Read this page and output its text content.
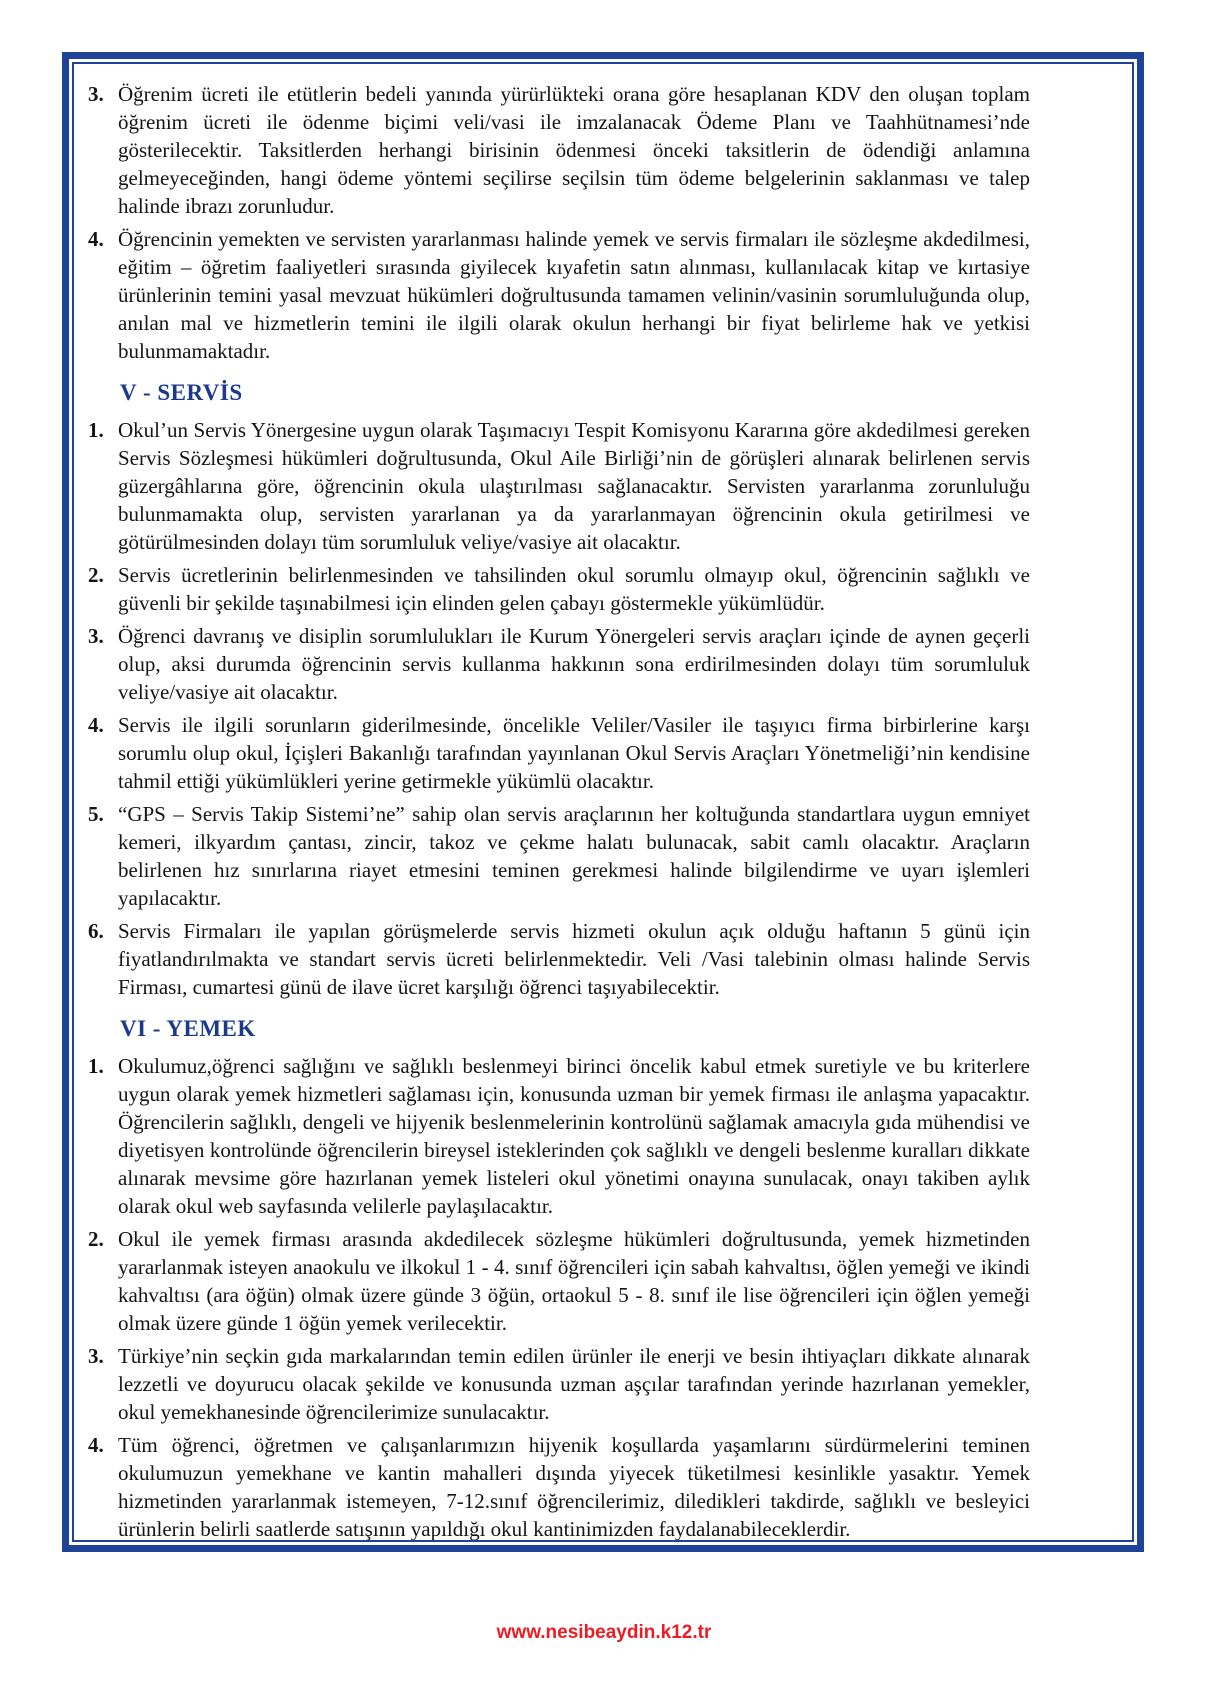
3. Öğrenim ücreti ile etütlerin bedeli yanında yürürlükteki orana göre hesaplanan KDV den oluşan toplam öğrenim ücreti ile ödenme biçimi veli/vasi ile imzalanacak Ödeme Planı ve Taahhütnamesi’nde gösterilecektir. Taksitlerden herhangi birisinin ödenmesi önceki taksitlerin de ödendiği anlamına gelmeyeceğinden, hangi ödeme yöntemi seçilirse seçilsin tüm ödeme belgelerinin saklanması ve talep halinde ibrazı zorunludur.

4. Öğrencinin yemekten ve servisten yararlanması halinde yemek ve servis firmaları ile sözleşme akdedilmesi, eğitim – öğretim faaliyetleri sırasında giyilecek kıyafetin satın alınması, kullanılacak kitap ve kırtasiye ürünlerinin temini yasal mevzuat hükümleri doğrultusunda tamamen velinin/vasinin sorumluluğunda olup, anılan mal ve hizmetlerin temini ile ilgili olarak okulun herhangi bir fiyat belirleme hak ve yetkisi bulunmamaktadır.

V - SERVİS
1. Okul’un Servis Yönergesine uygun olarak Taşımacıyı Tespit Komisyonu Kararına göre akdedilmesi gereken Servis Sözleşmesi hükümleri doğrultusunda, Okul Aile Birliği’nin de görüşleri alınarak belirlenen servis güzergâhlarına göre, öğrencinin okula ulaştırılması sağlanacaktır. Servisten yararlanma zorunluluğu bulunmamakta olup, servisten yararlanan ya da yararlanmayan öğrencinin okula getirilmesi ve götürülmesinden dolayı tüm sorumluluk veliye/vasiye ait olacaktır.

2. Servis ücretlerinin belirlenmesinden ve tahsilinden okul sorumlu olmayıp okul, öğrencinin sağlıklı ve güvenli bir şekilde taşınabilmesi için elinden gelen çabayı göstermekle yükümlüdür.

3. Öğrenci davranış ve disiplin sorumlulukları ile Kurum Yönergeleri servis araçları içinde de aynen geçerli olup, aksi durumda öğrencinin servis kullanma hakkının sona erdirilmesinden dolayı tüm sorumluluk veliye/vasiye ait olacaktır.

4. Servis ile ilgili sorunların giderilmesinde, öncelikle Veliler/Vasiler ile taşıyıcı firma birbirlerine karşı sorumlu olup okul, İçişleri Bakanlığı tarafından yayınlanan Okul Servis Araçları Yönetmeliği’nin kendisine tahmil ettiği yükümlükleri yerine getirmekle yükümlü olacaktır.

5. “GPS – Servis Takip Sistemi’ne” sahip olan servis araçlarının her koltuğunda standartlara uygun emniyet kemeri, ilkyardım çantası, zincir, takoz ve çekme halatı bulunacak, sabit camlı olacaktır. Araçların belirlenen hız sınırlarına riayet etmesini teminen gerekmesi halinde bilgilendirme ve uyarı işlemleri yapılacaktır.

6. Servis Firmaları ile yapılan görüşmelerde servis hizmeti okulun açık olduğu haftanın 5 günü için fiyatlandırılmakta ve standart servis ücreti belirlenmektedir. Veli /Vasi talebinin olması halinde Servis Firması, cumartesi günü de ilave ücret karşılığı öğrenci taşıyabilecektir.

VI - YEMEK
1. Okulumuz,öğrenci sağlığını ve sağlıklı beslenmeyi birinci öncelik kabul etmek suretiyle ve bu kriterlere uygun olarak yemek hizmetleri sağlaması için, konusunda uzman bir yemek firması ile anlaşma yapacaktır. Öğrencilerin sağlıklı, dengeli ve hijyenik beslenmelerinin kontrolünü sağlamak amacıyla gıda mühendisi ve diyetisyen kontrolünde öğrencilerin bireysel isteklerinden çok sağlıklı ve dengeli beslenme kuralları dikkate alınarak mevsime göre hazırlanan yemek listeleri okul yönetimi onayına sunulacak, onayı takiben aylık olarak okul web sayfasında velilerle paylaşılacaktır.

2. Okul ile yemek firması arasında akdedilecek sözleşme hükümleri doğrultusunda, yemek hizmetinden yararlanmak isteyen anaokulu ve ilkokul 1 - 4. sınıf öğrencileri için sabah kahvaltısı, öğlen yemeği ve ikindi kahvaltısı (ara öğün) olmak üzere günde 3 öğün, ortaokul 5 - 8. sınıf ile lise öğrencileri için öğlen yemeği olmak üzere günde 1 öğün yemek verilecektir.

3. Türkiye’nin seçkin gıda markalarından temin edilen ürünler ile enerji ve besin ihtiyaçları dikkate alınarak lezzetli ve doyurucu olacak şekilde ve konusunda uzman aşçılar tarafından yerinde hazırlanan yemekler, okul yemekhanesinde öğrencilerimize sunulacaktır.

4. Tüm öğrenci, öğretmen ve çalışanlarımızın hijyenik koşullarda yaşamlarını sürdürmelerini teminen okulumuzun yemekhane ve kantin mahalleri dışında yiyecek tüketilmesi kesinlikle yasaktır. Yemek hizmetinden yararlanmak istemeyen, 7-12.sınıf öğrencilerimiz, diledikleri takdirde, sağlıklı ve besleyici ürünlerin belirli saatlerde satışının yapıldığı okul kantinimizden faydalanabileceklerdir.

www.nesibeaydin.k12.tr
